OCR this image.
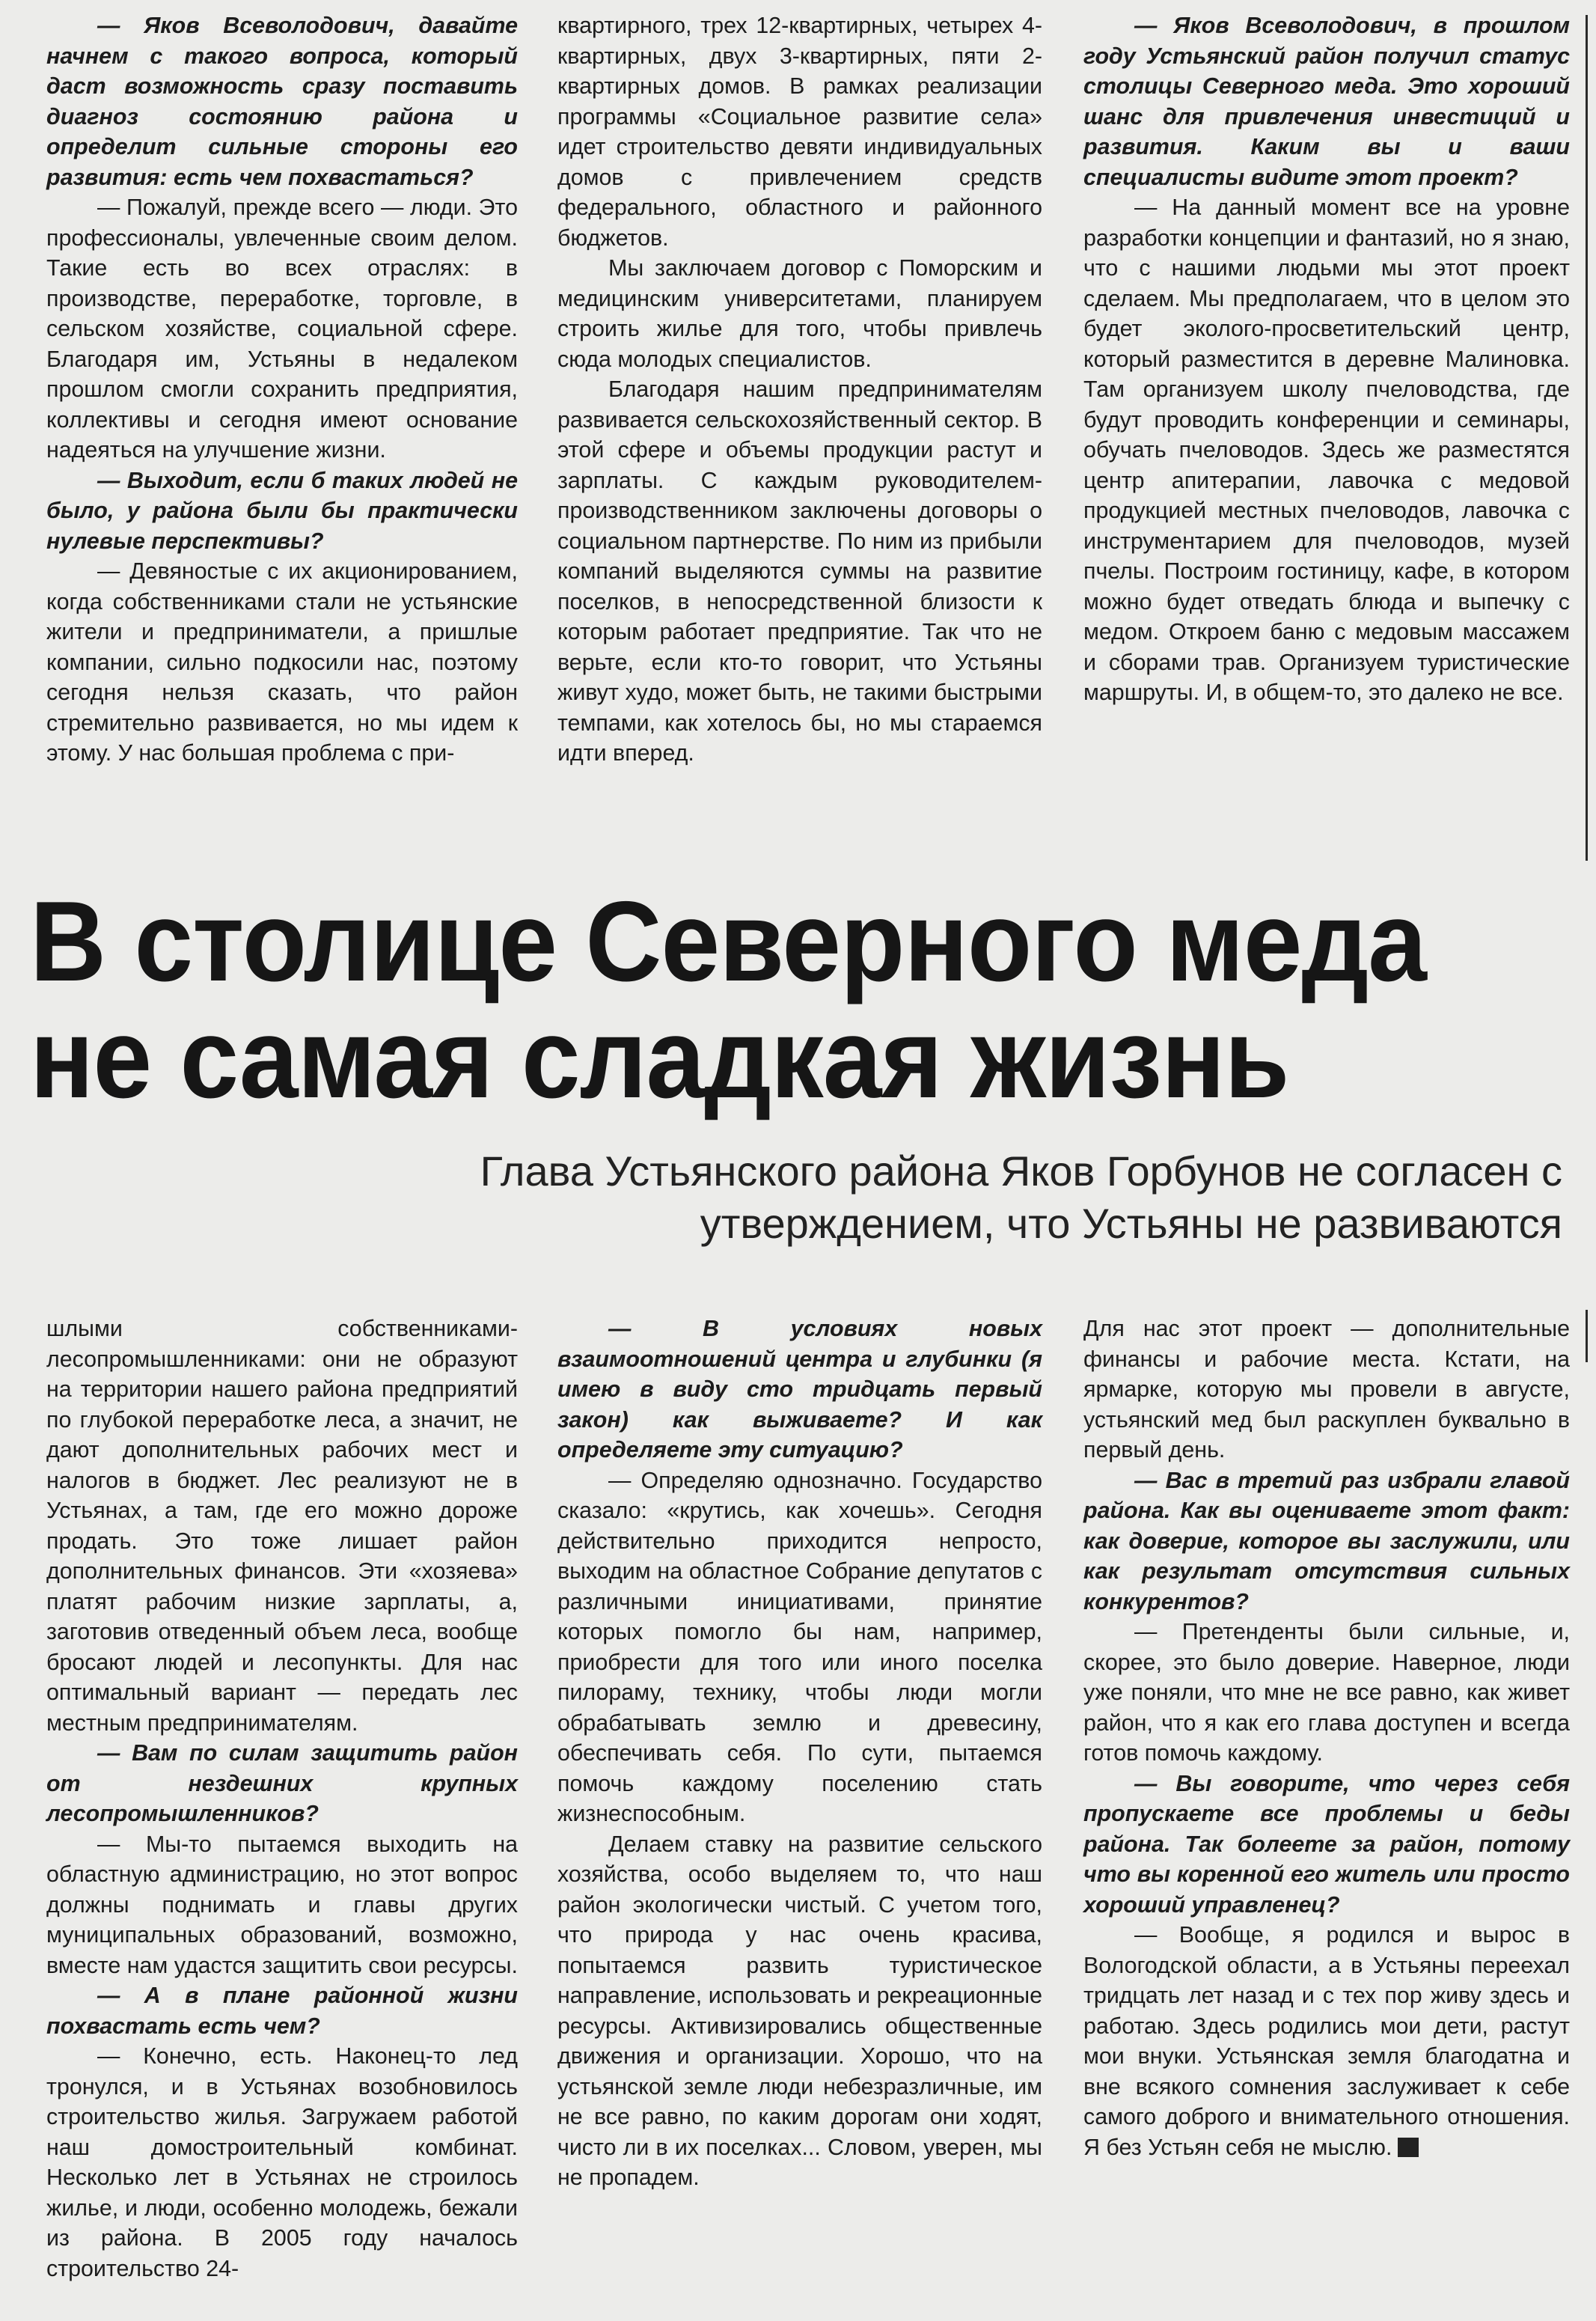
— Яков Всеволодович, давайте начнем с такого вопроса, который даст возможность сразу поставить диагноз состоянию района и определит сильные стороны его развития: есть чем похвастаться?

— Пожалуй, прежде всего — люди. Это профессионалы, увлеченные своим делом. Такие есть во всех отраслях: в производстве, переработке, торговле, в сельском хозяйстве, социальной сфере. Благодаря им, Устьяны в недалеком прошлом смогли сохранить предприятия, коллективы и сегодня имеют основание надеяться на улучшение жизни.

— Выходит, если б таких людей не было, у района были бы практически нулевые перспективы?

— Девяностые с их акционированием, когда собственниками стали не устьянские жители и предприниматели, а пришлые компании, сильно подкосили нас, поэтому сегодня нельзя сказать, что район стремительно развивается, но мы идем к этому. У нас большая проблема с при-

квартирного, трех 12-квартирных, четырех 4-квартирных, двух 3-квартирных, пяти 2-квартирных домов. В рамках реализации программы «Социальное развитие села» идет строительство девяти индивидуальных домов с привлечением средств федерального, областного и районного бюджетов.

Мы заключаем договор с Поморским и медицинским университетами, планируем строить жилье для того, чтобы привлечь сюда молодых специалистов.

Благодаря нашим предпринимателям развивается сельскохозяйственный сектор. В этой сфере и объемы продукции растут и зарплаты. С каждым руководителем-производственником заключены договоры о социальном партнерстве. По ним из прибыли компаний выделяются суммы на развитие поселков, в непосредственной близости к которым работает предприятие. Так что не верьте, если кто-то говорит, что Устьяны живут худо, может быть, не такими быстрыми темпами, как хотелось бы, но мы стараемся идти вперед.

— Яков Всеволодович, в прошлом году Устьянский район получил статус столицы Северного меда. Это хороший шанс для привлечения инвестиций и развития. Каким вы и ваши специалисты видите этот проект?

— На данный момент все на уровне разработки концепции и фантазий, но я знаю, что с нашими людьми мы этот проект сделаем. Мы предполагаем, что в целом это будет эколого-просветительский центр, который разместится в деревне Малиновка. Там организуем школу пчеловодства, где будут проводить конференции и семинары, обучать пчеловодов. Здесь же разместятся центр апитерапии, лавочка с медовой продукцией местных пчеловодов, лавочка с инструментарием для пчеловодов, музей пчелы. Построим гостиницу, кафе, в котором можно будет отведать блюда и выпечку с медом. Откроем баню с медовым массажем и сборами трав. Организуем туристические маршруты. И, в общем-то, это далеко не все.

В столице Северного меда не самая сладкая жизнь
Глава Устьянского района Яков Горбунов не согласен с утверждением, что Устьяны не развиваются

шлыми собственниками-лесопромышленниками: они не образуют на территории нашего района предприятий по глубокой переработке леса, а значит, не дают дополнительных рабочих мест и налогов в бюджет. Лес реализуют не в Устьянах, а там, где его можно дороже продать. Это тоже лишает район дополнительных финансов. Эти «хозяева» платят рабочим низкие зарплаты, а, заготовив отведенный объем леса, вообще бросают людей и лесопункты. Для нас оптимальный вариант — передать лес местным предпринимателям.

— Вам по силам защитить район от нездешних крупных лесопромышленников?

— Мы-то пытаемся выходить на областную администрацию, но этот вопрос должны поднимать и главы других муниципальных образований, возможно, вместе нам удастся защитить свои ресурсы.

— А в плане районной жизни похвастать есть чем?

— Конечно, есть. Наконец-то лед тронулся, и в Устьянах возобновилось строительство жилья. Загружаем работой наш домостроительный комбинат. Несколько лет в Устьянах не строилось жилье, и люди, особенно молодежь, бежали из района. В 2005 году началось строительство 24-

— В условиях новых взаимоотношений центра и глубинки (я имею в виду сто тридцать первый закон) как выживаете? И как определяете эту ситуацию?

— Определяю однозначно. Государство сказало: «крутись, как хочешь». Сегодня действительно приходится непросто, выходим на областное Собрание депутатов с различными инициативами, принятие которых помогло бы нам, например, приобрести для того или иного поселка пилораму, технику, чтобы люди могли обрабатывать землю и древесину, обеспечивать себя. По сути, пытаемся помочь каждому поселению стать жизнеспособным.

Делаем ставку на развитие сельского хозяйства, особо выделяем то, что наш район экологически чистый. С учетом того, что природа у нас очень красива, попытаемся развить туристическое направление, использовать и рекреационные ресурсы. Активизировались общественные движения и организации. Хорошо, что на устьянской земле люди небезразличные, им не все равно, по каким дорогам они ходят, чисто ли в их поселках... Словом, уверен, мы не пропадем.

Для нас этот проект — дополнительные финансы и рабочие места. Кстати, на ярмарке, которую мы провели в августе, устьянский мед был раскуплен буквально в первый день.

— Вас в третий раз избрали главой района. Как вы оцениваете этот факт: как доверие, которое вы заслужили, или как результат отсутствия сильных конкурентов?

— Претенденты были сильные, и, скорее, это было доверие. Наверное, люди уже поняли, что мне не все равно, как живет район, что я как его глава доступен и всегда готов помочь каждому.

— Вы говорите, что через себя пропускаете все проблемы и беды района. Так болеете за район, потому что вы коренной его житель или просто хороший управленец?

— Вообще, я родился и вырос в Вологодской области, а в Устьяны переехал тридцать лет назад и с тех пор живу здесь и работаю. Здесь родились мои дети, растут мои внуки. Устьянская земля благодатна и вне всякого сомнения заслуживает к себе самого доброго и внимательного отношения. Я без Устьян себя не мыслю.
